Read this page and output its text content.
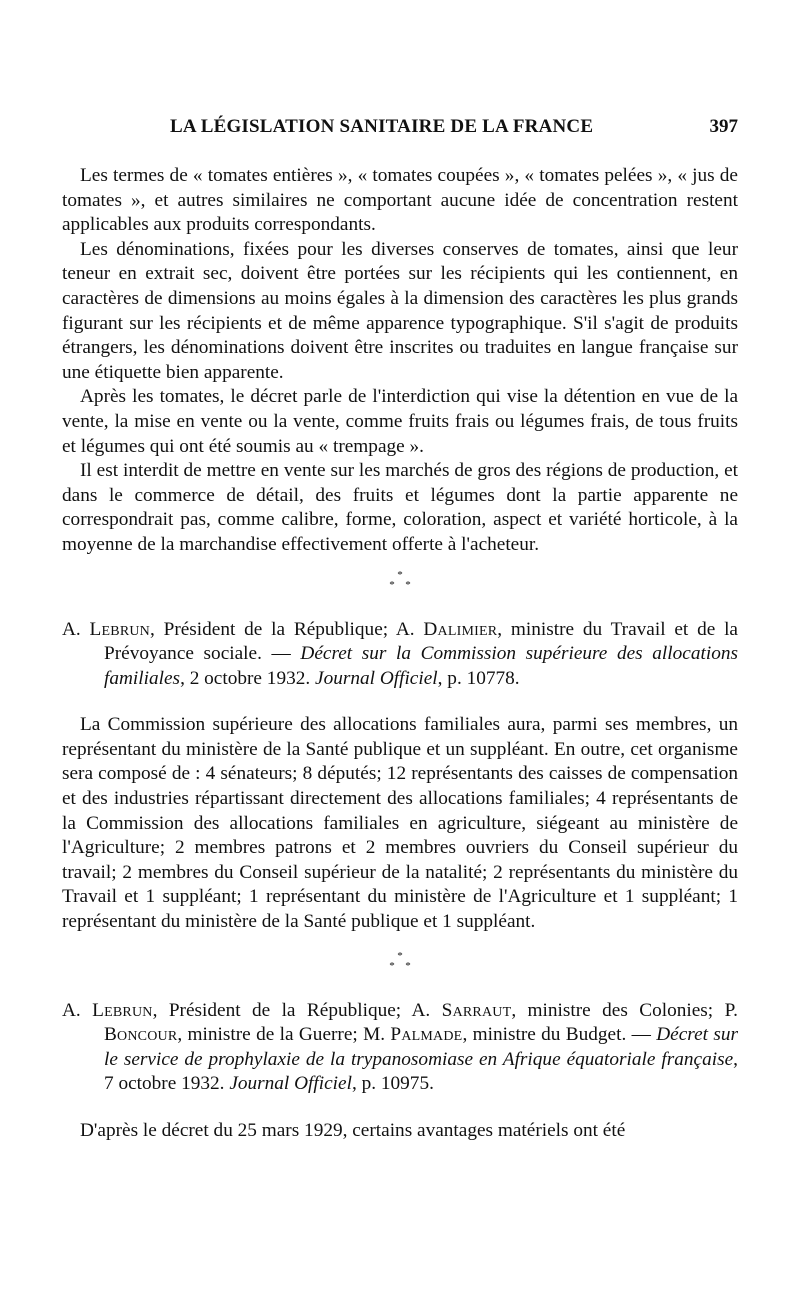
LA LÉGISLATION SANITAIRE DE LA FRANCE	397

Les termes de « tomates entières », « tomates coupées », « tomates pelées », « jus de tomates », et autres similaires ne comportant aucune idée de concentration restent applicables aux produits correspondants.

Les dénominations, fixées pour les diverses conserves de tomates, ainsi que leur teneur en extrait sec, doivent être portées sur les récipients qui les contiennent, en caractères de dimensions au moins égales à la dimension des caractères les plus grands figurant sur les récipients et de même apparence typographique. S'il s'agit de produits étrangers, les dénominations doivent être inscrites ou traduites en langue française sur une étiquette bien apparente.

Après les tomates, le décret parle de l'interdiction qui vise la détention en vue de la vente, la mise en vente ou la vente, comme fruits frais ou légumes frais, de tous fruits et légumes qui ont été soumis au « trempage ».

Il est interdit de mettre en vente sur les marchés de gros des régions de production, et dans le commerce de détail, des fruits et légumes dont la partie apparente ne correspondrait pas, comme calibre, forme, coloration, aspect et variété horticole, à la moyenne de la marchandise effectivement offerte à l'acheteur.

*
* *
A. Lebrun, Président de la République; A. Dalimier, ministre du Travail et de la Prévoyance sociale. — Décret sur la Commission supérieure des allocations familiales, 2 octobre 1932. Journal Officiel, p. 10778.

La Commission supérieure des allocations familiales aura, parmi ses membres, un représentant du ministère de la Santé publique et un suppléant. En outre, cet organisme sera composé de : 4 sénateurs; 8 députés; 12 représentants des caisses de compensation et des industries répartissant directement des allocations familiales; 4 représentants de la Commission des allocations familiales en agriculture, siégeant au ministère de l'Agriculture; 2 membres patrons et 2 membres ouvriers du Conseil supérieur du travail; 2 membres du Conseil supérieur de la natalité; 2 représentants du ministère du Travail et 1 suppléant; 1 représentant du ministère de l'Agriculture et 1 suppléant; 1 représentant du ministère de la Santé publique et 1 suppléant.

*
* *
A. Lebrun, Président de la République; A. Sarraut, ministre des Colonies; P. Boncour, ministre de la Guerre; M. Palmade, ministre du Budget. — Décret sur le service de prophylaxie de la trypanosomiase en Afrique équatoriale française, 7 octobre 1932. Journal Officiel, p. 10975.

D'après le décret du 25 mars 1929, certains avantages matériels ont été
